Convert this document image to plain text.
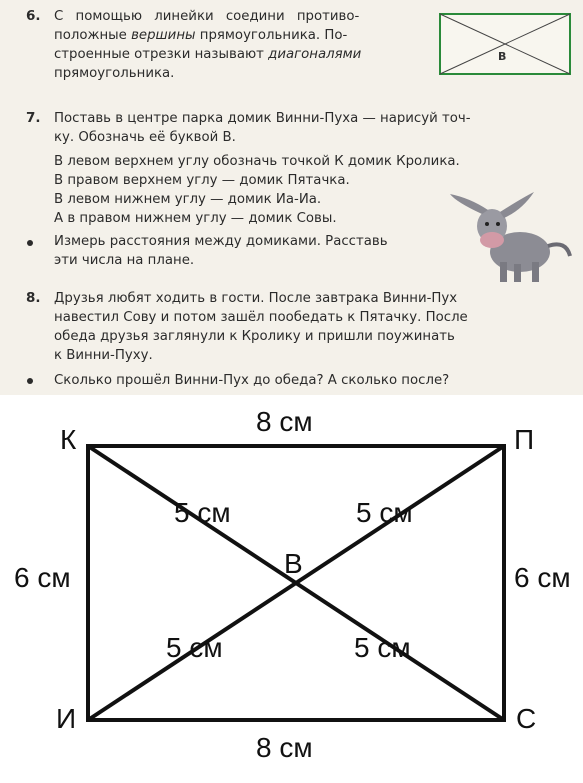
6. С помощью линейки соедини противо-
положные вершины прямоугольника. По-
строенные отрезки называют диагоналями
прямоугольника.
В
7. Поставь в центре парка домик Винни-Пуха — нарисуй точ-
ку. Обозначь её буквой В.
В левом верхнем углу обозначь точкой К домик Кролика.
В правом верхнем углу — домик Пятачка.
В левом нижнем углу — домик Иа-Иа.
А в правом нижнем углу — домик Совы.
Измерь расстояния между домиками. Расставь
эти числа на плане.
8. Друзья любят ходить в гости. После завтрака Винни-Пух
навестил Сову и потом зашёл пообедать к Пятачку. После
обеда друзья заглянули к Кролику и пришли поужинать
к Винни-Пуху.
Сколько прошёл Винни-Пух до обеда? А сколько после?
К	П
И	С
В
8 см
8 см
6 см	6 см
5 см	5 см
5 см	5 см
